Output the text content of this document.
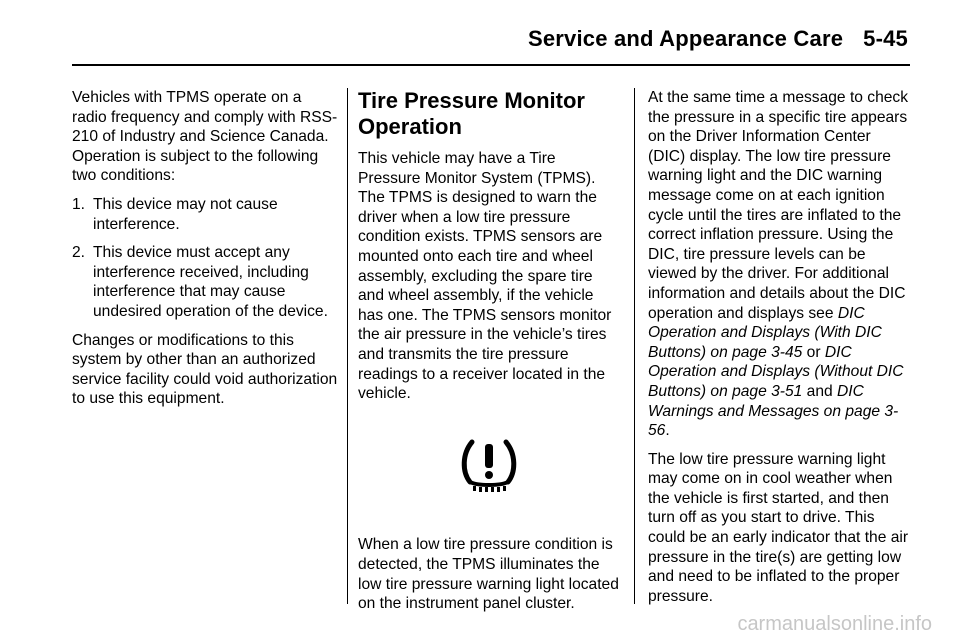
Service and Appearance Care 5-45

Vehicles with TPMS operate on a radio frequency and comply with RSS-210 of Industry and Science Canada. Operation is subject to the following two conditions:

1. This device may not cause interference.
2. This device must accept any interference received, including interference that may cause undesired operation of the device.

Changes or modifications to this system by other than an authorized service facility could void authorization to use this equipment.

Tire Pressure Monitor Operation

This vehicle may have a Tire Pressure Monitor System (TPMS). The TPMS is designed to warn the driver when a low tire pressure condition exists. TPMS sensors are mounted onto each tire and wheel assembly, excluding the spare tire and wheel assembly, if the vehicle has one. The TPMS sensors monitor the air pressure in the vehicle’s tires and transmits the tire pressure readings to a receiver located in the vehicle.

When a low tire pressure condition is detected, the TPMS illuminates the low tire pressure warning light located on the instrument panel cluster.

At the same time a message to check the pressure in a specific tire appears on the Driver Information Center (DIC) display. The low tire pressure warning light and the DIC warning message come on at each ignition cycle until the tires are inflated to the correct inflation pressure. Using the DIC, tire pressure levels can be viewed by the driver. For additional information and details about the DIC operation and displays see DIC Operation and Displays (With DIC Buttons) on page 3-45 or DIC Operation and Displays (Without DIC Buttons) on page 3-51 and DIC Warnings and Messages on page 3-56.

The low tire pressure warning light may come on in cool weather when the vehicle is first started, and then turn off as you start to drive. This could be an early indicator that the air pressure in the tire(s) are getting low and need to be inflated to the proper pressure.

carmanualsonline.info
